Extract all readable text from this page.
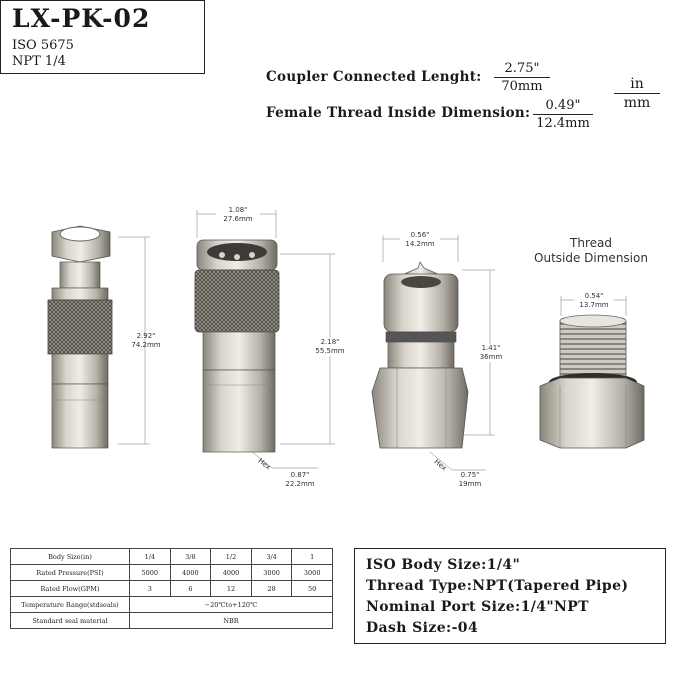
LX-PK-02
ISO 5675
NPT 1/4
Coupler Connected Lenght: $\frac{2.75"}{70mm}$
Female Thread Inside Dimension: $\frac{0.49"}{12.4mm}$
$\frac{in}{mm}$
2.92"
74.2mm
1.08"
27.6mm
2.18"
55.5mm
Hex
0.87"
22.2mm
0.56"
14.2mm
1.41"
36mm
Hex
0.75"
19mm
Thread
Outside Dimension
0.54"
13.7mm
Body Size(in)	1/4	3/8	1/2	3/4	1
Rated Pressure(PSI)	5000	4000	4000	3000	3000
Rated Flow(GPM)	3	6	12	28	50
Temperature Range(stdseals)	−20℃to+120℃				
Standard seal material	NBR				
ISO Body Size:1/4"
Thread Type:NPT(Tapered Pipe)
Nominal Port Size:1/4"NPT
Dash Size:-04
